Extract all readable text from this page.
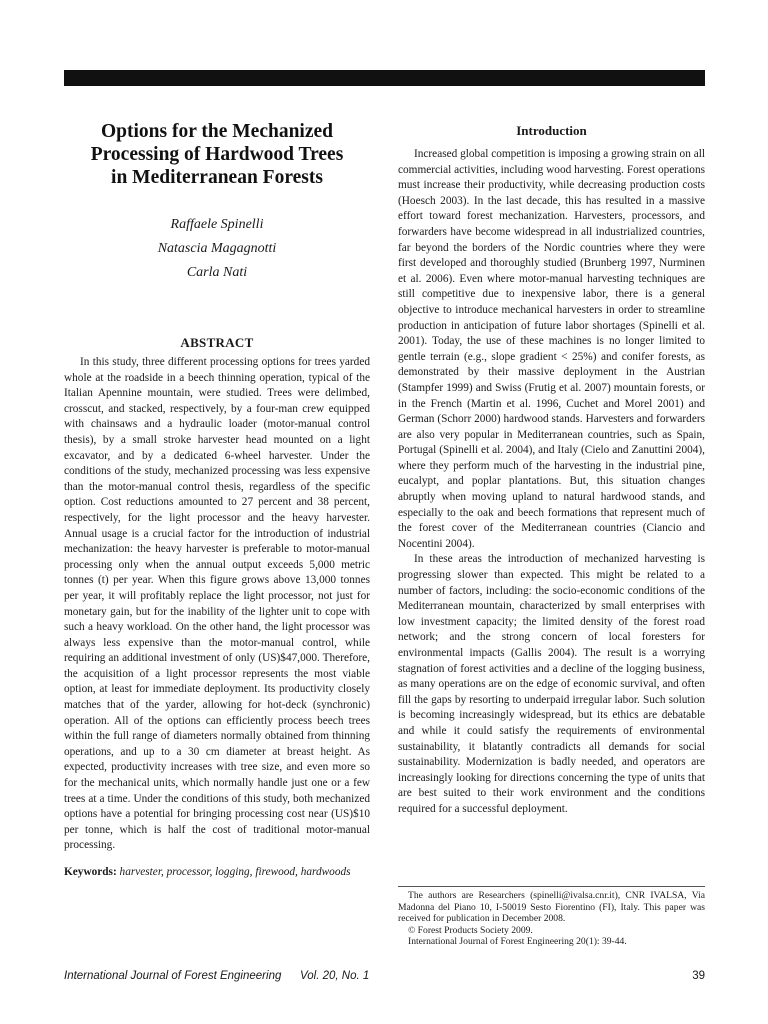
Options for the Mechanized
Processing of Hardwood Trees
in Mediterranean Forests
Raffaele Spinelli
Natascia Magagnotti
Carla Nati
ABSTRACT

In this study, three different processing options for trees yarded whole at the roadside in a beech thinning operation, typical of the Italian Apennine mountain, were studied. Trees were delimbed, crosscut, and stacked, respectively, by a four-man crew equipped with chainsaws and a hydraulic loader (motor-manual control thesis), by a small stroke harvester head mounted on a light excavator, and by a dedicated 6-wheel harvester. Under the conditions of the study, mechanized processing was less expensive than the motor-manual control thesis, regardless of the specific option. Cost reductions amounted to 27 percent and 38 percent, respectively, for the light processor and the heavy harvester. Annual usage is a crucial factor for the introduction of industrial mechanization: the heavy harvester is preferable to motor-manual processing only when the annual output exceeds 5,000 metric tonnes (t) per year. When this figure grows above 13,000 tonnes per year, it will profitably replace the light processor, not just for monetary gain, but for the inability of the lighter unit to cope with such a heavy workload. On the other hand, the light processor was always less expensive than the motor-manual control, while requiring an additional investment of only (US)$47,000. Therefore, the acquisition of a light processor represents the most viable option, at least for immediate deployment. Its productivity closely matches that of the yarder, allowing for hot-deck (synchronic) operation. All of the options can efficiently process beech trees within the full range of diameters normally obtained from thinning operations, and up to a 30 cm diameter at breast height. As expected, productivity increases with tree size, and even more so for the mechanical units, which normally handle just one or a few trees at a time. Under the conditions of this study, both mechanized options have a potential for bringing processing cost near (US)$10 per tonne, which is half the cost of traditional motor-manual processing.

Keywords: harvester, processor, logging, firewood, hardwoods
Introduction

Increased global competition is imposing a growing strain on all commercial activities, including wood harvesting. Forest operations must increase their productivity, while decreasing production costs (Hoesch 2003). In the last decade, this has resulted in a massive effort toward forest mechanization. Harvesters, processors, and forwarders have become widespread in all industrialized countries, far beyond the borders of the Nordic countries where they were first developed and thoroughly studied (Brunberg 1997, Nurminen et al. 2006). Even where motor-manual harvesting techniques are still competitive due to inexpensive labor, there is a general objective to introduce mechanical harvesters in order to streamline production in anticipation of future labor shortages (Spinelli et al. 2001). Today, the use of these machines is no longer limited to gentle terrain (e.g., slope gradient < 25%) and conifer forests, as demonstrated by their massive deployment in the Austrian (Stampfer 1999) and Swiss (Frutig et al. 2007) mountain forests, or in the French (Martin et al. 1996, Cuchet and Morel 2001) and German (Schorr 2000) hardwood stands. Harvesters and forwarders are also very popular in Mediterranean countries, such as Spain, Portugal (Spinelli et al. 2004), and Italy (Cielo and Zanuttini 2004), where they perform much of the harvesting in the industrial pine, eucalypt, and poplar plantations. But, this situation changes abruptly when moving upland to natural hardwood stands, and especially to the oak and beech formations that represent much of the forest cover of the Mediterranean countries (Ciancio and Nocentini 2004).

In these areas the introduction of mechanized harvesting is progressing slower than expected. This might be related to a number of factors, including: the socio-economic conditions of the Mediterranean mountain, characterized by small enterprises with low investment capacity; the limited density of the forest road network; and the strong concern of local foresters for environmental impacts (Gallis 2004). The result is a worrying stagnation of forest activities and a decline of the logging business, as many operations are on the edge of economic survival, and often fill the gaps by resorting to underpaid irregular labor. Such solution is becoming increasingly widespread, but its ethics are debatable and while it could satisfy the requirements of environmental sustainability, it blatantly contradicts all demands for social sustainability. Modernization is badly needed, and operators are increasingly looking for directions concerning the type of units that are best suited to their work environment and the conditions required for a successful deployment.

The authors are Researchers (spinelli@ivalsa.cnr.it), CNR IVALSA, Via Madonna del Piano 10, I-50019 Sesto Fiorentino (FI), Italy. This paper was received for publication in December 2008.

© Forest Products Society 2009.

International Journal of Forest Engineering 20(1): 39-44.

International Journal of Forest Engineering Vol. 20, No. 1	39
